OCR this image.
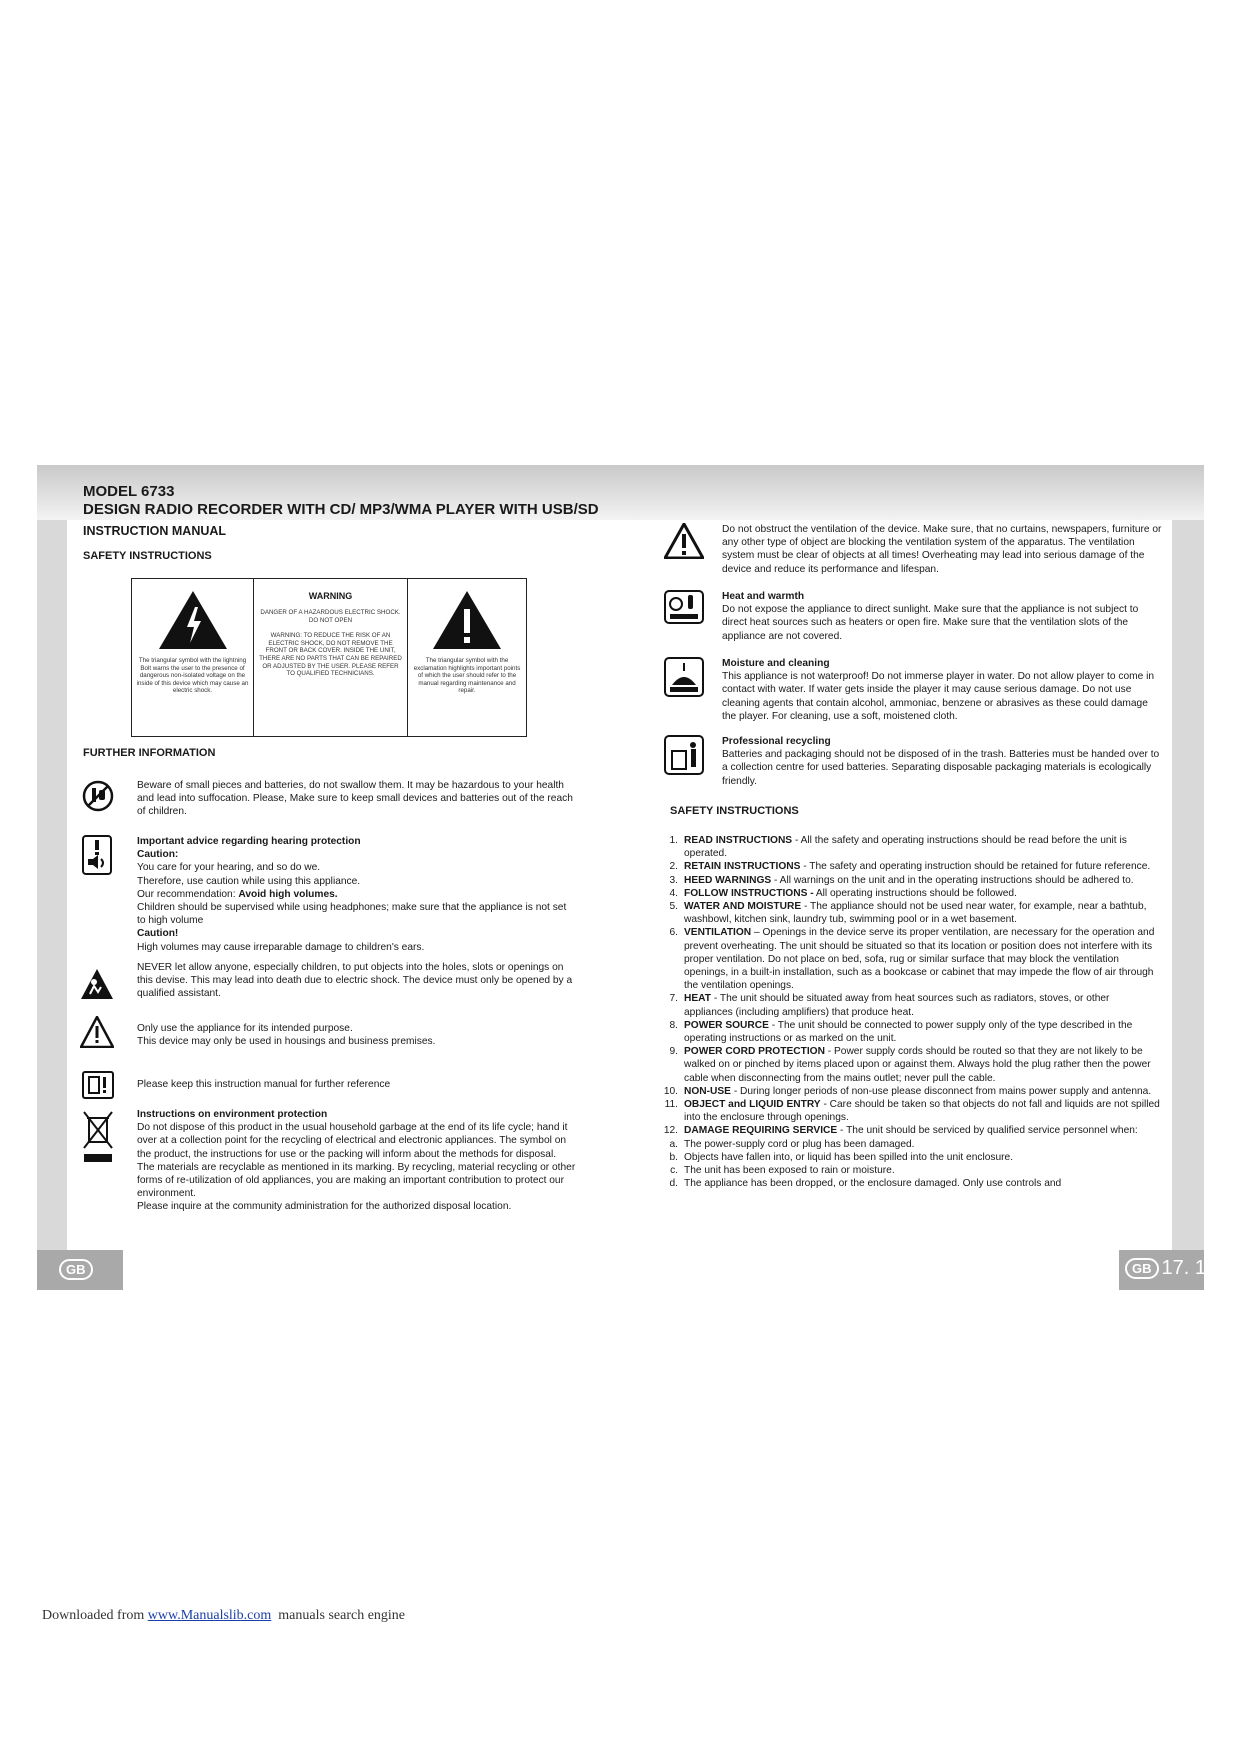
MODEL 6733
DESIGN RADIO RECORDER WITH CD/ MP3/WMA PLAYER WITH USB/SD
INSTRUCTION MANUAL
SAFETY INSTRUCTIONS
The triangular symbol with the lightning Bolt warns the user to the presence of dangerous non-isolated voltage on the inside of this device which may cause an electric shock.
WARNING
DANGER OF A HAZARDOUS ELECTRIC SHOCK. DO NOT OPEN
WARNING: TO REDUCE THE RISK OF AN ELECTRIC SHOCK, DO NOT REMOVE THE FRONT OR BACK COVER. INSIDE THE UNIT, THERE ARE NO PARTS THAT CAN BE REPAIRED OR ADJUSTED BY THE USER. PLEASE REFER TO QUALIFIED TECHNICIANS.
The triangular symbol with the exclamation highlights important points of which the user should refer to the manual regarding maintenance and repair.
FURTHER INFORMATION
Beware of small pieces and batteries, do not swallow them. It may be hazardous to your health and lead into suffocation. Please, Make sure to keep small devices and batteries out of the reach of children.
Important advice regarding hearing protection
Caution:
You care for your hearing, and so do we.
Therefore, use caution while using this appliance.
Our recommendation: Avoid high volumes.
Children should be supervised while using headphones; make sure that the appliance is not set to high volume
Caution!
High volumes may cause irreparable damage to children's ears.
NEVER let allow anyone, especially children, to put objects into the holes, slots or openings on this devise. This may lead into death due to electric shock. The device must only be opened by a qualified assistant.
Only use the appliance for its intended purpose.
This device may only be used in housings and business premises.
Please keep this instruction manual for further reference
Instructions on environment protection
Do not dispose of this product in the usual household garbage at the end of its life cycle; hand it over at a collection point for the recycling of electrical and electronic appliances. The symbol on the product, the instructions for use or the packing will inform about the methods for disposal.
The materials are recyclable as mentioned in its marking. By recycling, material recycling or other forms of re-utilization of old appliances, you are making an important contribution to protect our environment.
Please inquire at the community administration for the authorized disposal location.
Do not obstruct the ventilation of the device. Make sure, that no curtains, newspapers, furniture or any other type of object are blocking the ventilation system of the apparatus. The ventilation system must be clear of objects at all times! Overheating may lead into serious damage of the device and reduce its performance and lifespan.
Heat and warmth
Do not expose the appliance to direct sunlight. Make sure that the appliance is not subject to direct heat sources such as heaters or open fire. Make sure that the ventilation slots of the appliance are not covered.
Moisture and cleaning
This appliance is not waterproof! Do not immerse player in water. Do not allow player to come in contact with water. If water gets inside the player it may cause serious damage. Do not use cleaning agents that contain alcohol, ammoniac, benzene or abrasives as these could damage the player. For cleaning, use a soft, moistened cloth.
Professional recycling
Batteries and packaging should not be disposed of in the trash. Batteries must be handed over to a collection centre for used batteries. Separating disposable packaging materials is ecologically friendly.
SAFETY INSTRUCTIONS
1. READ INSTRUCTIONS - All the safety and operating instructions should be read before the unit is operated.
2. RETAIN INSTRUCTIONS - The safety and operating instruction should be retained for future reference.
3. HEED WARNINGS - All warnings on the unit and in the operating instructions should be adhered to.
4. FOLLOW INSTRUCTIONS - All operating instructions should be followed.
5. WATER AND MOISTURE - The appliance should not be used near water, for example, near a bathtub, washbowl, kitchen sink, laundry tub, swimming pool or in a wet basement.
6. VENTILATION – Openings in the device serve its proper ventilation, are necessary for the operation and prevent overheating. The unit should be situated so that its location or position does not interfere with its proper ventilation. Do not place on bed, sofa, rug or similar surface that may block the ventilation openings, in a built-in installation, such as a bookcase or cabinet that may impede the flow of air through the ventilation openings.
7. HEAT - The unit should be situated away from heat sources such as radiators, stoves, or other appliances (including amplifiers) that produce heat.
8. POWER SOURCE - The unit should be connected to power supply only of the type described in the operating instructions or as marked on the unit.
9. POWER CORD PROTECTION - Power supply cords should be routed so that they are not likely to be walked on or pinched by items placed upon or against them. Always hold the plug rather then the power cable when disconnecting from the mains outlet; never pull the cable.
10. NON-USE - During longer periods of non-use please disconnect from mains power supply and antenna.
11. OBJECT and LIQUID ENTRY - Care should be taken so that objects do not fall and liquids are not spilled into the enclosure through openings.
12. DAMAGE REQUIRING SERVICE - The unit should be serviced by qualified service personnel when:
a. The power-supply cord or plug has been damaged.
b. Objects have fallen into, or liquid has been spilled into the unit enclosure.
c. The unit has been exposed to rain or moisture.
d. The appliance has been dropped, or the enclosure damaged. Only use controls and
GB	GB 17. 1
Downloaded from www.Manualslib.com  manuals search engine
